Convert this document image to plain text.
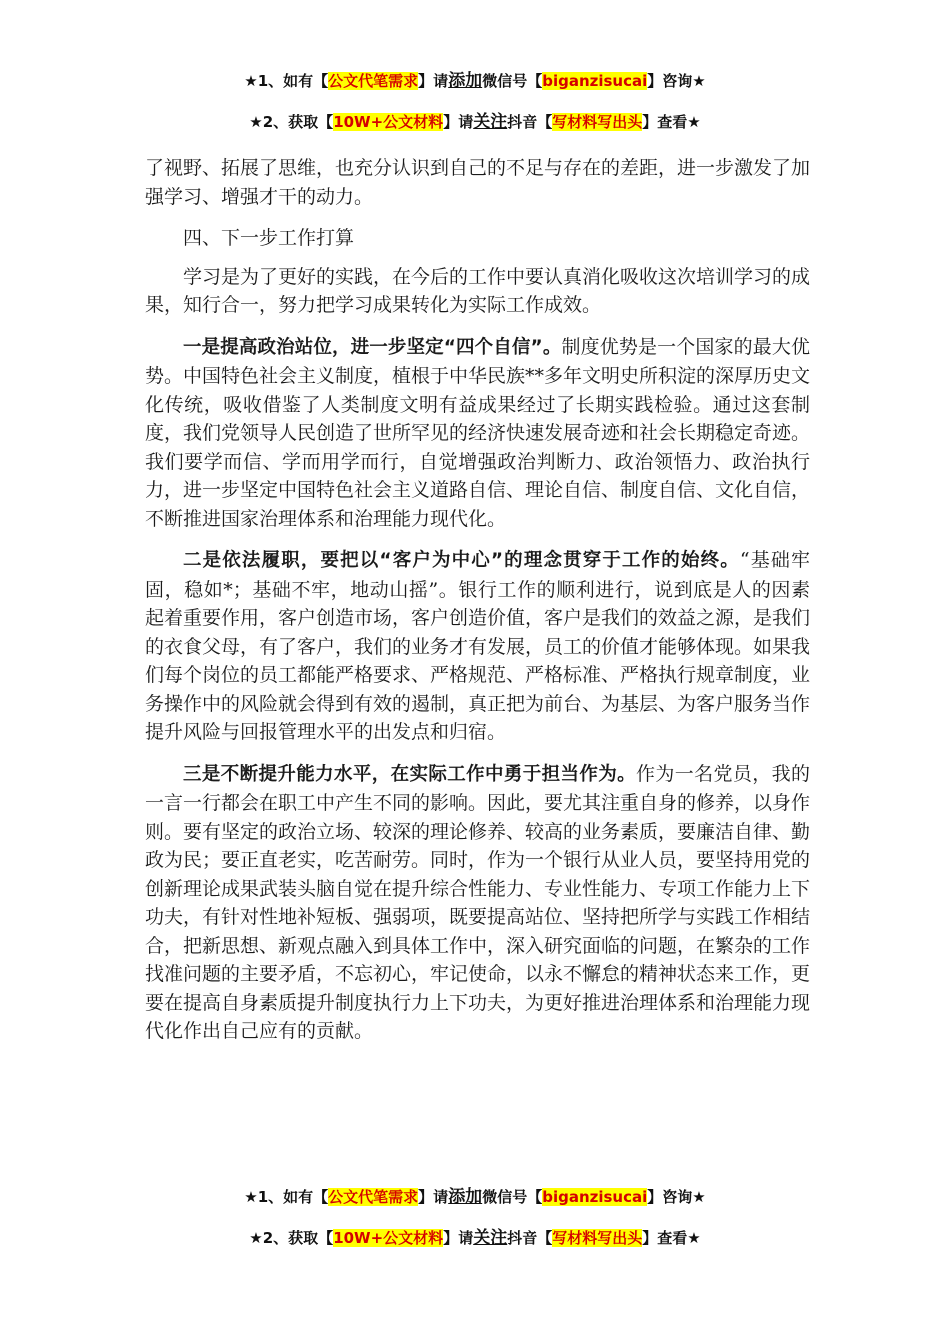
★1、如有【公文代笔需求】请添加微信号【biganzisucai】咨询★
★2、获取【10W+公文材料】请关注抖音【写材料写出头】查看★

了视野、拓展了思维，也充分认识到自己的不足与存在的差距，进一步激发了加强学习、增强才干的动力。

四、下一步工作打算

学习是为了更好的实践，在今后的工作中要认真消化吸收这次培训学习的成果，知行合一，努力把学习成果转化为实际工作成效。

一是提高政治站位，进一步坚定“四个自信”。制度优势是一个国家的最大优势。中国特色社会主义制度，植根于中华民族**多年文明史所积淀的深厚历史文化传统，吸收借鉴了人类制度文明有益成果经过了长期实践检验。通过这套制度，我们党领导人民创造了世所罕见的经济快速发展奇迹和社会长期稳定奇迹。我们要学而信、学而用学而行，自觉增强政治判断力、政治领悟力、政治执行力，进一步坚定中国特色社会主义道路自信、理论自信、制度自信、文化自信，不断推进国家治理体系和治理能力现代化。

二是依法履职，要把以“客户为中心”的理念贯穿于工作的始终。“基础牢固，稳如*；基础不牢，地动山摇”。银行工作的顺利进行，说到底是人的因素起着重要作用，客户创造市场，客户创造价值，客户是我们的效益之源，是我们的衣食父母，有了客户，我们的业务才有发展，员工的价值才能够体现。如果我们每个岗位的员工都能严格要求、严格规范、严格标准、严格执行规章制度，业务操作中的风险就会得到有效的遏制，真正把为前台、为基层、为客户服务当作提升风险与回报管理水平的出发点和归宿。

三是不断提升能力水平，在实际工作中勇于担当作为。作为一名党员，我的一言一行都会在职工中产生不同的影响。因此，要尤其注重自身的修养，以身作则。要有坚定的政治立场、较深的理论修养、较高的业务素质，要廉洁自律、勤政为民；要正直老实，吃苦耐劳。同时，作为一个银行从业人员，要坚持用党的创新理论成果武装头脑自觉在提升综合性能力、专业性能力、专项工作能力上下功夫，有针对性地补短板、强弱项，既要提高站位、坚持把所学与实践工作相结合，把新思想、新观点融入到具体工作中，深入研究面临的问题，在繁杂的工作找准问题的主要矛盾，不忘初心，牢记使命，以永不懈怠的精神状态来工作，更要在提高自身素质提升制度执行力上下功夫，为更好推进治理体系和治理能力现代化作出自己应有的贡献。

★1、如有【公文代笔需求】请添加微信号【biganzisucai】咨询★
★2、获取【10W+公文材料】请关注抖音【写材料写出头】查看★
